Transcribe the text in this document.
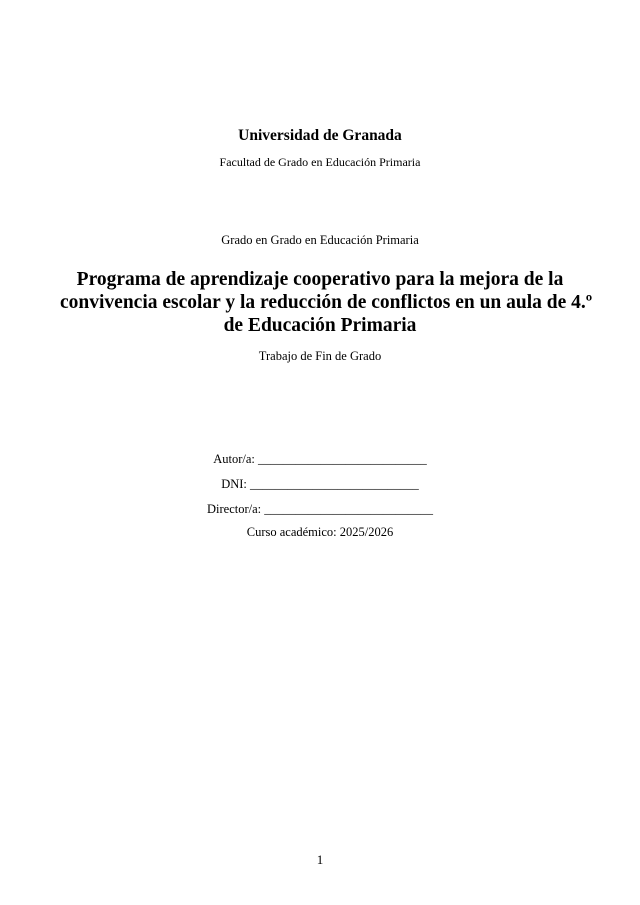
Universidad de Granada
Facultad de Grado en Educación Primaria
Grado en Grado en Educación Primaria
Programa de aprendizaje cooperativo para la mejora de la
convivencia escolar y la reducción de conflictos en un aula de 4.º
de Educación Primaria
Trabajo de Fin de Grado
Autor/a: ___________________________
DNI: ___________________________
Director/a: ___________________________
Curso académico: 2025/2026
1
